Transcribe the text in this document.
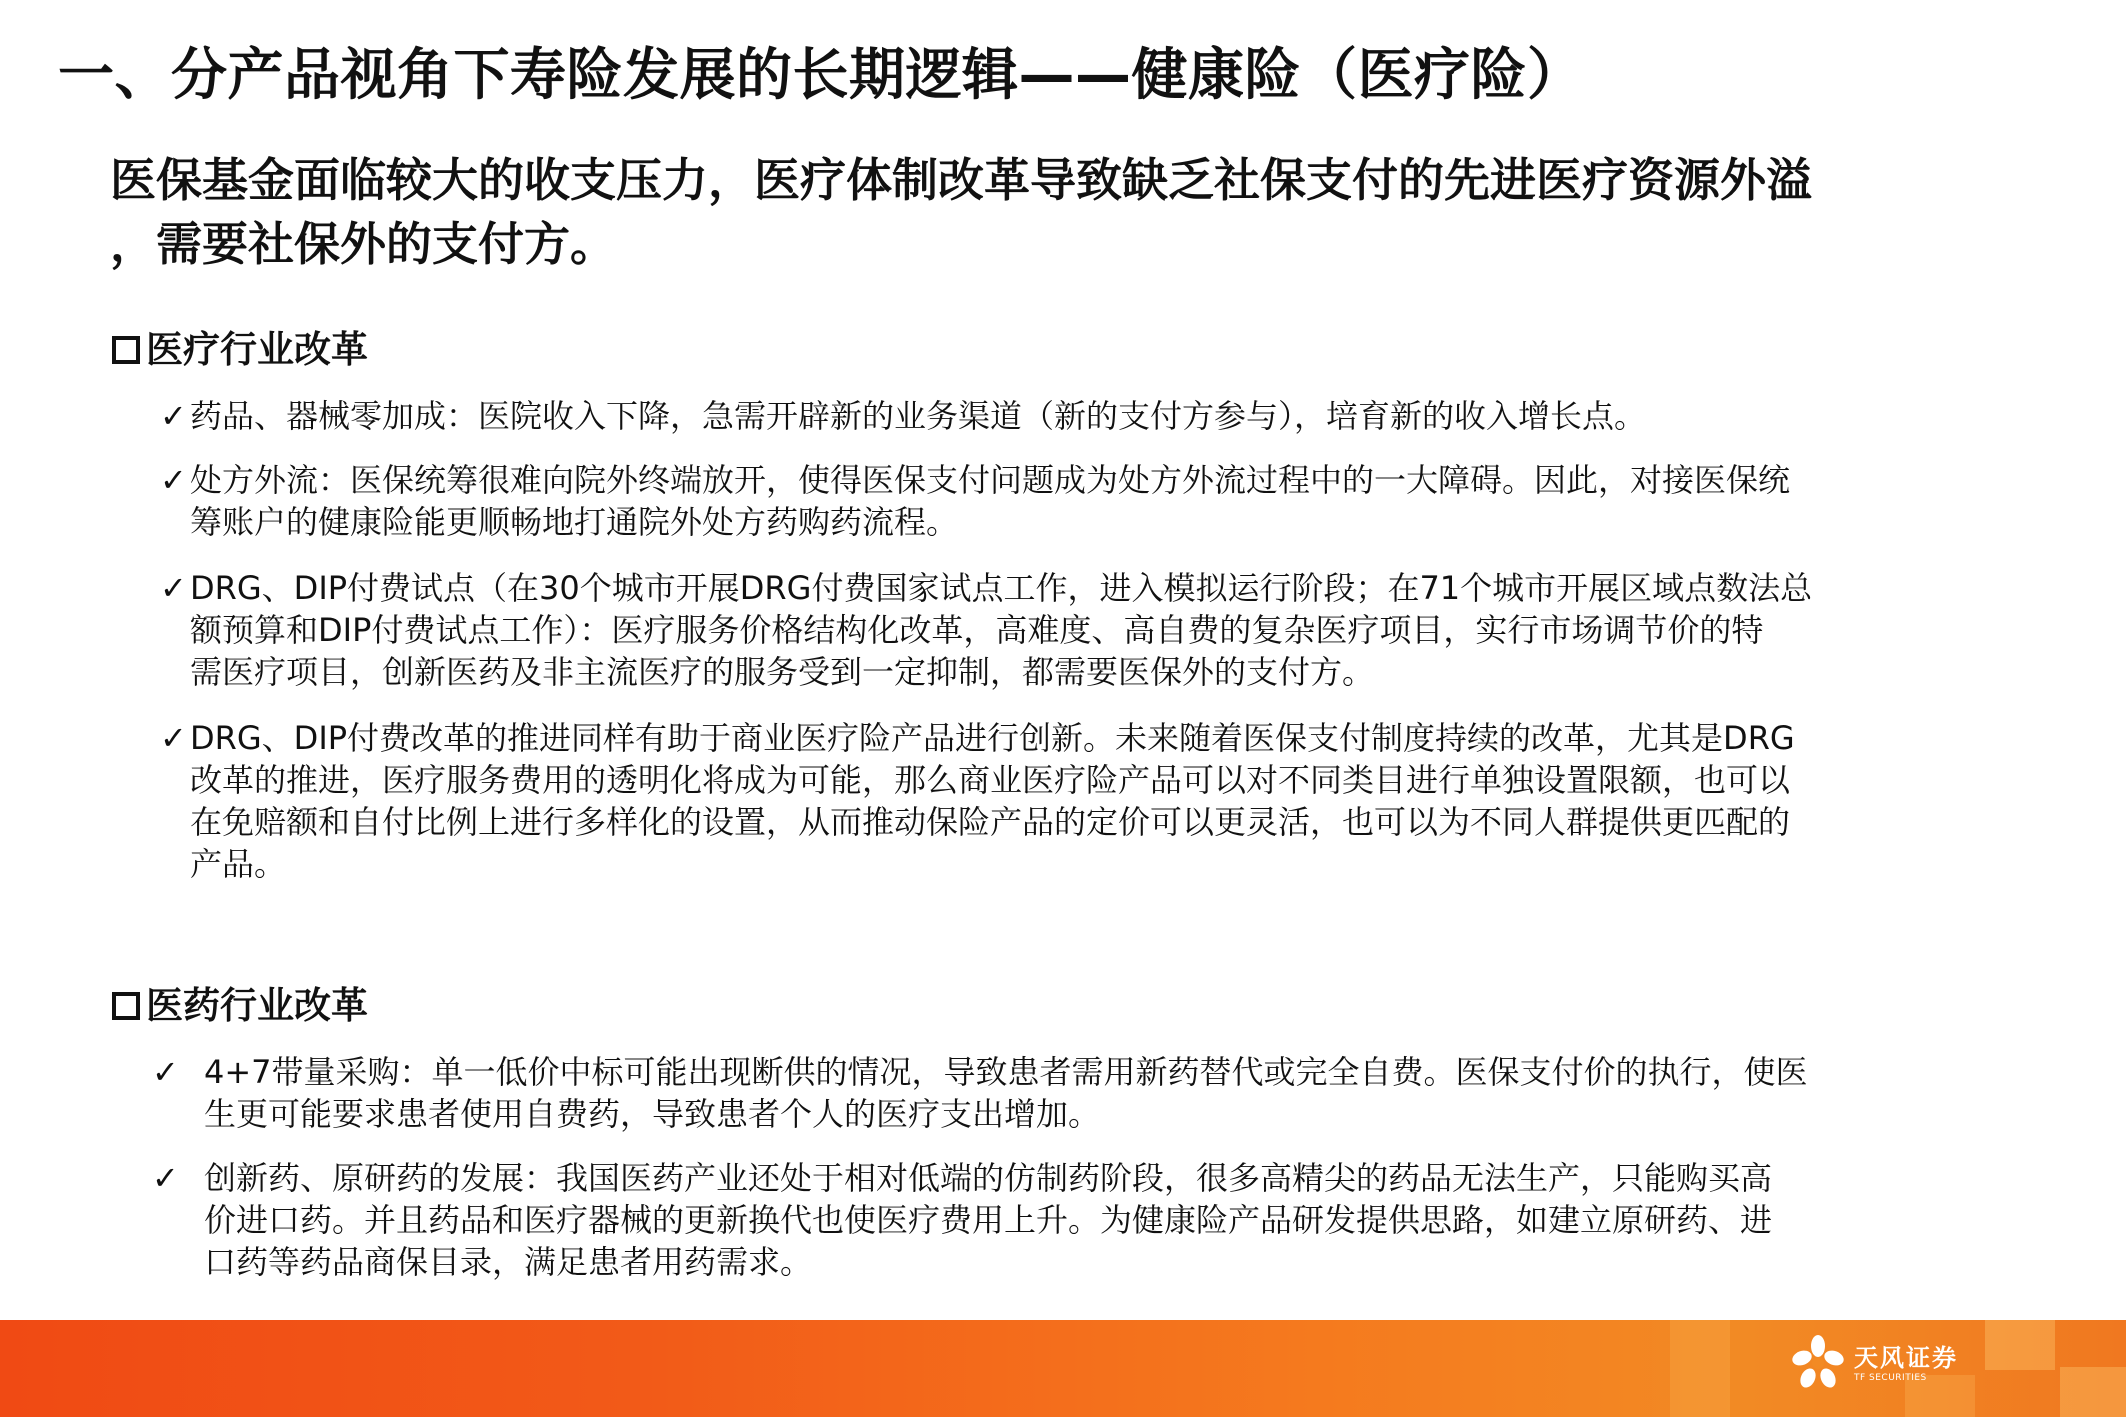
一、分产品视角下寿险发展的长期逻辑——健康险（医疗险）
医保基金面临较大的收支压力，医疗体制改革导致缺乏社保支付的先进医疗资源外溢
，需要社保外的支付方。
医疗行业改革
✓ 药品、器械零加成：医院收入下降，急需开辟新的业务渠道（新的支付方参与），培育新的收入增长点。
✓ 处方外流：医保统筹很难向院外终端放开，使得医保支付问题成为处方外流过程中的一大障碍。因此，对接医保统
筹账户的健康险能更顺畅地打通院外处方药购药流程。
✓ DRG、DIP付费试点（在30个城市开展DRG付费国家试点工作，进入模拟运行阶段；在71个城市开展区域点数法总
额预算和DIP付费试点工作）：医疗服务价格结构化改革，高难度、高自费的复杂医疗项目，实行市场调节价的特
需医疗项目，创新医药及非主流医疗的服务受到一定抑制，都需要医保外的支付方。
✓ DRG、DIP付费改革的推进同样有助于商业医疗险产品进行创新。未来随着医保支付制度持续的改革，尤其是DRG
改革的推进，医疗服务费用的透明化将成为可能，那么商业医疗险产品可以对不同类目进行单独设置限额，也可以
在免赔额和自付比例上进行多样化的设置，从而推动保险产品的定价可以更灵活，也可以为不同人群提供更匹配的
产品。
医药行业改革
✓ 4+7带量采购：单一低价中标可能出现断供的情况，导致患者需用新药替代或完全自费。医保支付价的执行，使医
生更可能要求患者使用自费药，导致患者个人的医疗支出增加。
✓ 创新药、原研药的发展：我国医药产业还处于相对低端的仿制药阶段，很多高精尖的药品无法生产，只能购买高
价进口药。并且药品和医疗器械的更新换代也使医疗费用上升。为健康险产品研发提供思路，如建立原研药、进
口药等药品商保目录，满足患者用药需求。
天风证券
TF SECURITIES
